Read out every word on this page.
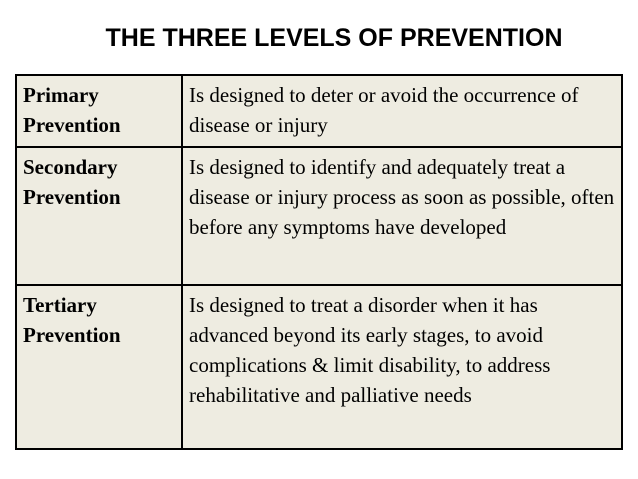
THE THREE LEVELS OF PREVENTION
Primary Prevention	Is designed to deter or avoid the occurrence of disease or injury
Secondary Prevention	Is designed to identify and adequately treat a disease or injury process as soon as possible, often before any symptoms have developed
Tertiary Prevention	Is designed to treat a disorder when it has advanced beyond its early stages, to avoid complications & limit disability, to address rehabilitative and palliative needs
